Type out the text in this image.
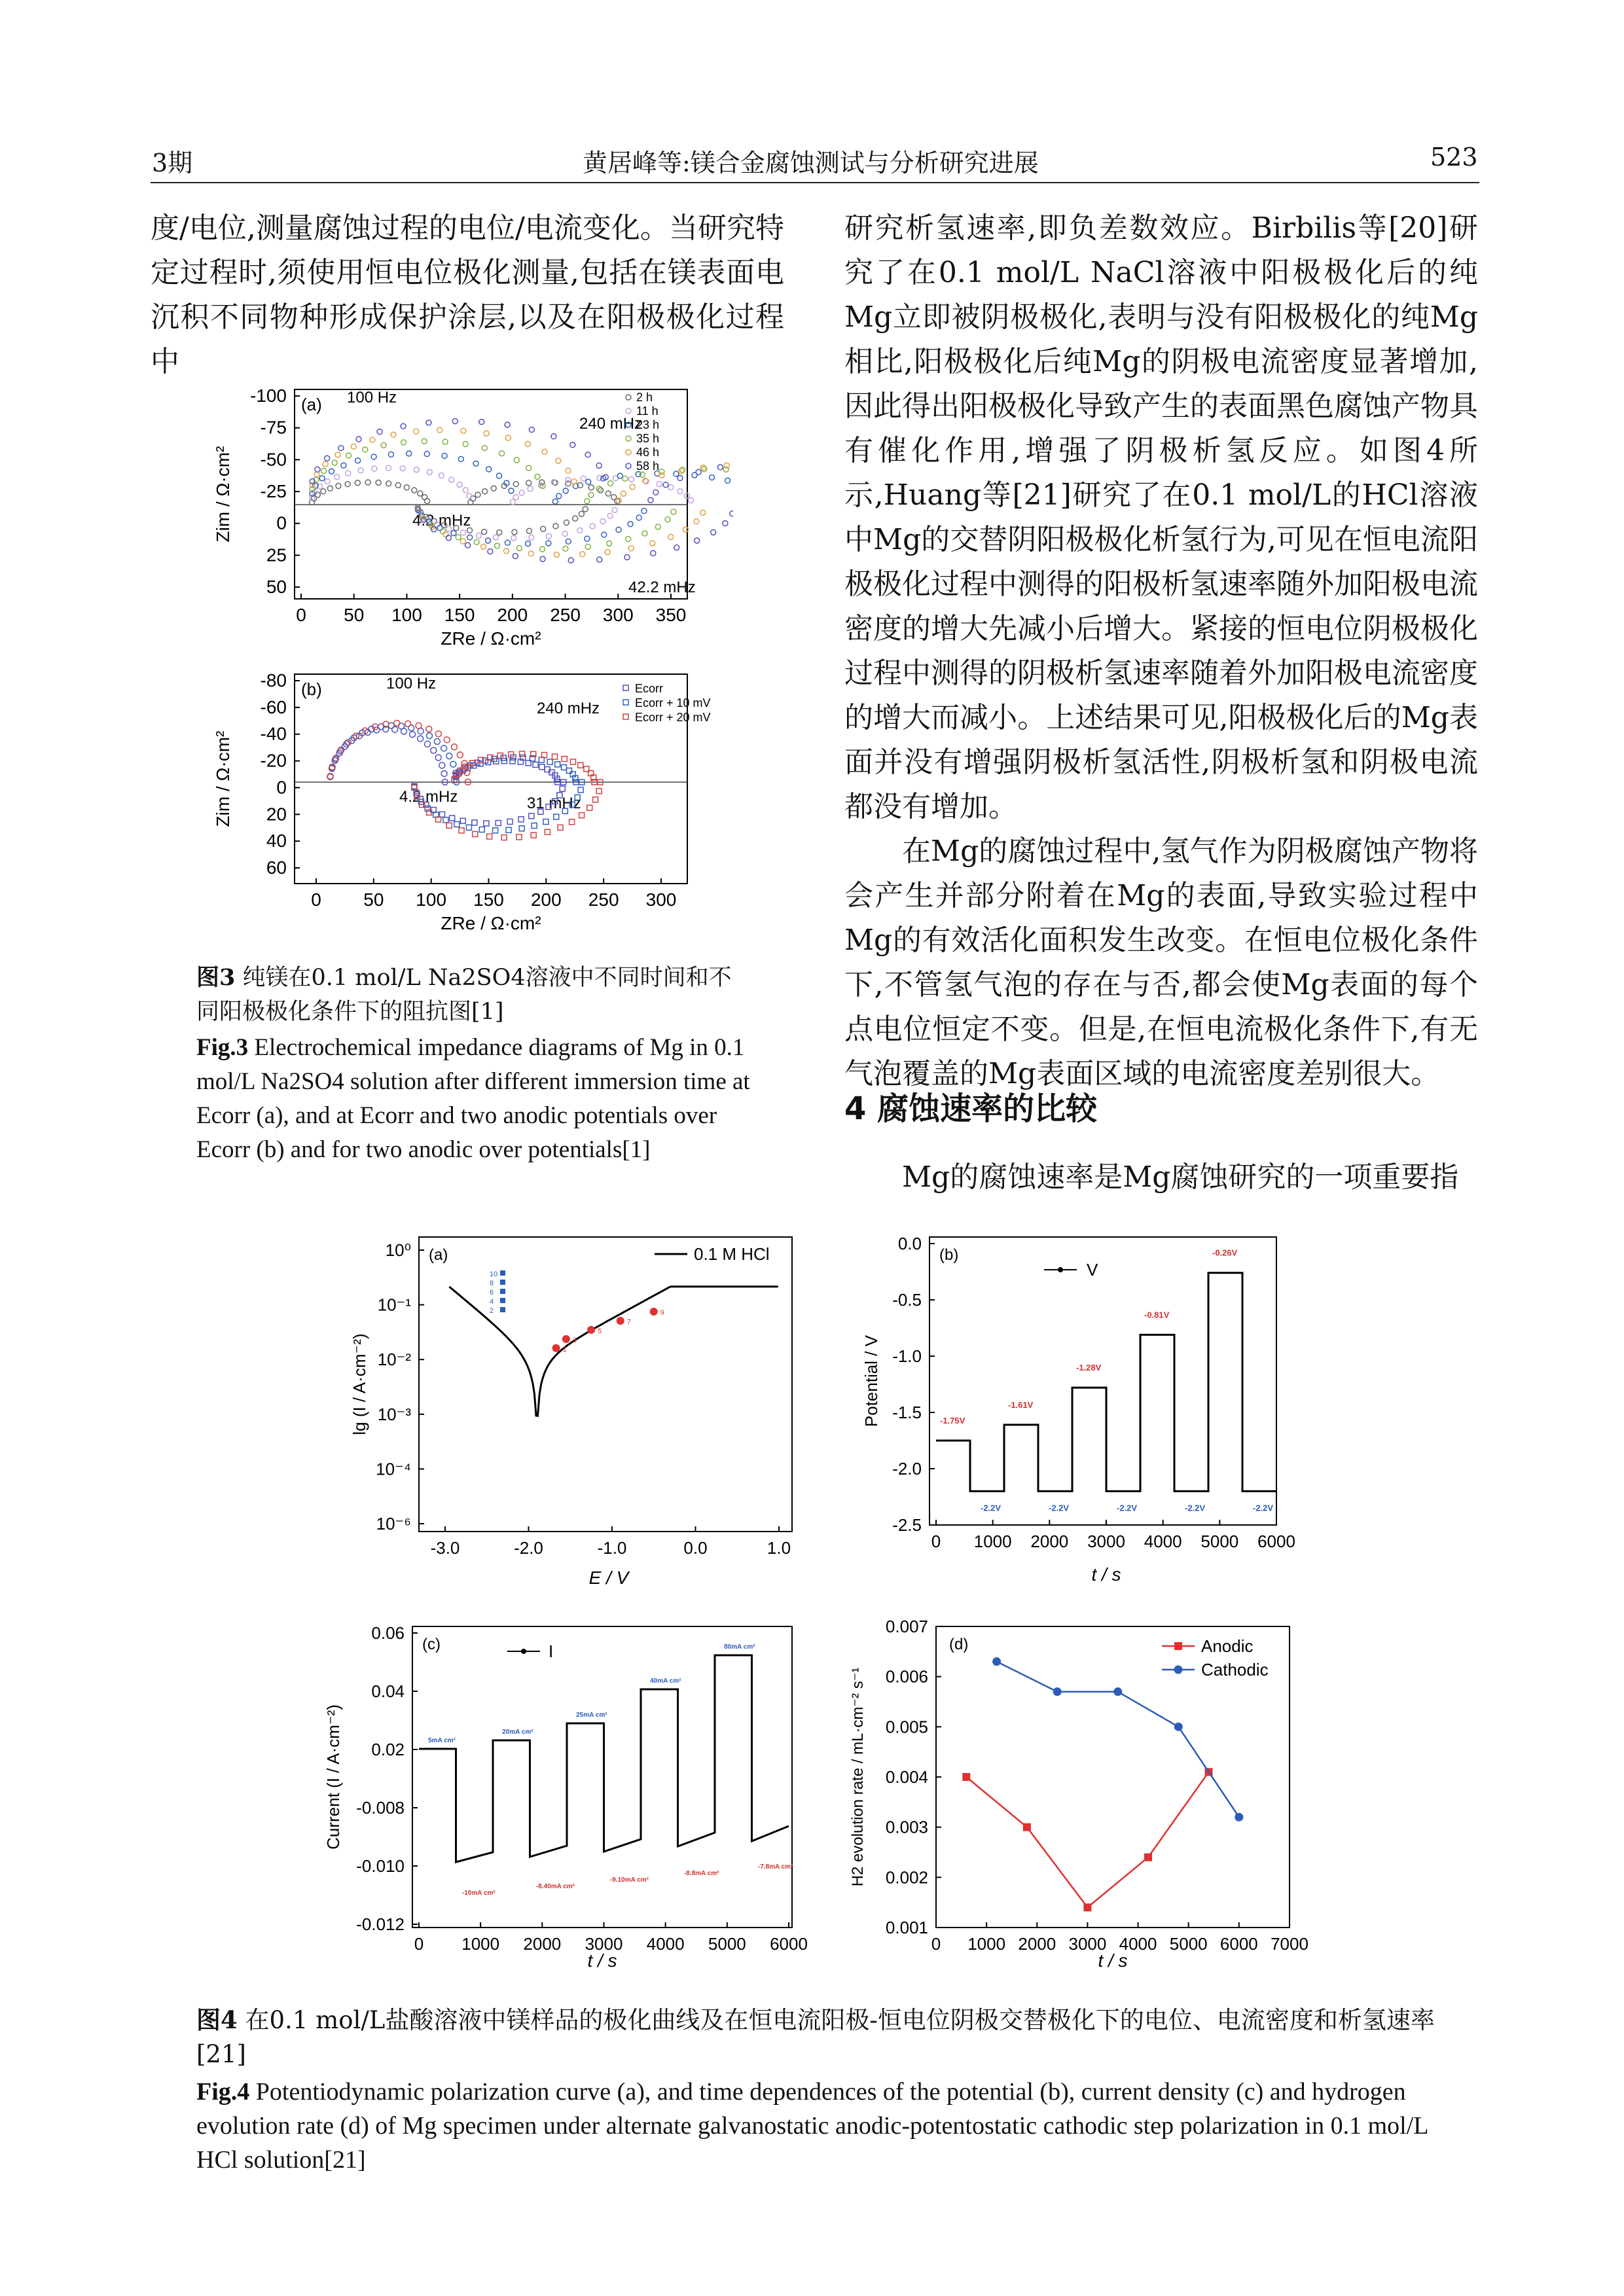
3期	黄居峰等:镁合金腐蚀测试与分析研究进展	523

度/电位,测量腐蚀过程的电位/电流变化。当研究特定过程时,须使用恒电位极化测量,包括在镁表面电沉积不同物种形成保护涂层,以及在阳极极化过程中

研究析氢速率,即负差数效应。Birbilis等[20]研究了在0.1 mol/L NaCl溶液中阳极极化后的纯Mg立即被阴极极化,表明与没有阳极极化的纯Mg相比,阳极极化后纯Mg的阴极电流密度显著增加,因此得出阳极极化导致产生的表面黑色腐蚀产物具有催化作用,增强了阴极析氢反应。如图4所示,Huang等[21]研究了在0.1 mol/L的HCl溶液中Mg的交替阴阳极极化析氢行为,可见在恒电流阳极极化过程中测得的阳极析氢速率随外加阳极电流密度的增大先减小后增大。紧接的恒电位阴极极化过程中测得的阴极析氢速率随着外加阳极电流密度的增大而减小。上述结果可见,阳极极化后的Mg表面并没有增强阴极析氢活性,阴极析氢和阴极电流都没有增加。

在Mg的腐蚀过程中,氢气作为阴极腐蚀产物将会产生并部分附着在Mg的表面,导致实验过程中Mg的有效活化面积发生改变。在恒电位极化条件下,不管氢气泡的存在与否,都会使Mg表面的每个点电位恒定不变。但是,在恒电流极化条件下,有无气泡覆盖的Mg表面区域的电流密度差别很大。

4 腐蚀速率的比较
Mg的腐蚀速率是Mg腐蚀研究的一项重要指
-100
-75
-50
-25
0
25
50
0 50 100 150 200 250 300 350
(a) 100 Hz
240 mHz
4.2 mHz
42.2 mHz
2 h
11 h
23 h
35 h
46 h
58 h
ZRe / Ω·cm²
Zim / Ω·cm²
-80
-60
-40
-20
0
20
40
60
0 50 100 150 200 250 300
(b)	100 Hz
240 mHz
4.2 mHz	31 mHz
Ecorr
Ecorr + 10 mV
Ecorr + 20 mV
ZRe / Ω·cm²
Zim / Ω·cm²
图3 纯镁在0.1 mol/L Na2SO4溶液中不同时间和不同阳极极化条件下的阻抗图[1]
Fig.3 Electrochemical impedance diagrams of Mg in 0.1 mol/L Na2SO4 solution after different immersion time at Ecorr (a), and at Ecorr and two anodic potentials over Ecorr (b) and for two anodic over potentials[1]
10⁰
10⁻¹
10⁻²
10⁻³
10⁻⁴
10⁻⁶
-3.0	-2.0	-1.0	0.0	1.0
(a)	0.1 M HCl
1
3
5
7
9
10
8
6
4
2
E / V
lg (I / A·cm⁻²)
0.0
-0.5
-1.0
-1.5
-2.0
-2.5
0 1000 2000 3000 4000 5000 6000
(b)
V
-1.75V
-2.2V
-1.61V
-2.2V
-1.28V
-2.2V
-0.81V
-2.2V
-0.26V
-2.2V
t / s
Potential / V
0.06
0.04
0.02
-0.008
-0.010
-0.012
0 1000 2000 3000 4000 5000 6000
(c)	I
5mA cm²
-10mA cm²
20mA cm²
-8.40mA cm²
25mA cm²
-9.10mA cm²
40mA cm²
-8.8mA cm²
80mA cm²
-7.8mA cm²
t / s
Current (I / A·cm⁻²)
0.001
0.002
0.003
0.004
0.005
0.006
0.007
0 1000 2000 3000 4000 5000 6000 7000
(d)	Anodic
Cathodic
t / s
H2 evolution rate / mL·cm⁻² s⁻¹
图4 在0.1 mol/L盐酸溶液中镁样品的极化曲线及在恒电流阳极-恒电位阴极交替极化下的电位、电流密度和析氢速率[21]
Fig.4 Potentiodynamic polarization curve (a), and time dependences of the potential (b), current density (c) and hydrogen evolution rate (d) of Mg specimen under alternate galvanostatic anodic-potentostatic cathodic step polarization in 0.1 mol/L HCl solution[21]
